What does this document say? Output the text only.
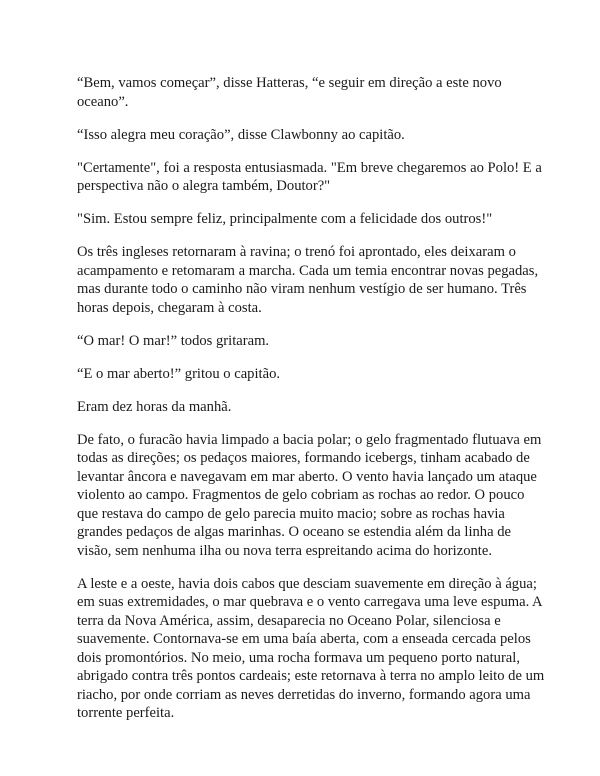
“Bem, vamos começar”, disse Hatteras, “e seguir em direção a este novo oceano”.

“Isso alegra meu coração”, disse Clawbonny ao capitão.

"Certamente", foi a resposta entusiasmada. "Em breve chegaremos ao Polo! E a perspectiva não o alegra também, Doutor?"

"Sim. Estou sempre feliz, principalmente com a felicidade dos outros!"

Os três ingleses retornaram à ravina; o trenó foi aprontado, eles deixaram o acampamento e retomaram a marcha. Cada um temia encontrar novas pegadas, mas durante todo o caminho não viram nenhum vestígio de ser humano. Três horas depois, chegaram à costa.

“O mar! O mar!” todos gritaram.

“E o mar aberto!” gritou o capitão.

Eram dez horas da manhã.

De fato, o furacão havia limpado a bacia polar; o gelo fragmentado flutuava em todas as direções; os pedaços maiores, formando icebergs, tinham acabado de levantar âncora e navegavam em mar aberto. O vento havia lançado um ataque violento ao campo. Fragmentos de gelo cobriam as rochas ao redor. O pouco que restava do campo de gelo parecia muito macio; sobre as rochas havia grandes pedaços de algas marinhas. O oceano se estendia além da linha de visão, sem nenhuma ilha ou nova terra espreitando acima do horizonte.

A leste e a oeste, havia dois cabos que desciam suavemente em direção à água; em suas extremidades, o mar quebrava e o vento carregava uma leve espuma. A terra da Nova América, assim, desaparecia no Oceano Polar, silenciosa e suavemente. Contornava-se em uma baía aberta, com a enseada cercada pelos dois promontórios. No meio, uma rocha formava um pequeno porto natural, abrigado contra três pontos cardeais; este retornava à terra no amplo leito de um riacho, por onde corriam as neves derretidas do inverno, formando agora uma torrente perfeita.
